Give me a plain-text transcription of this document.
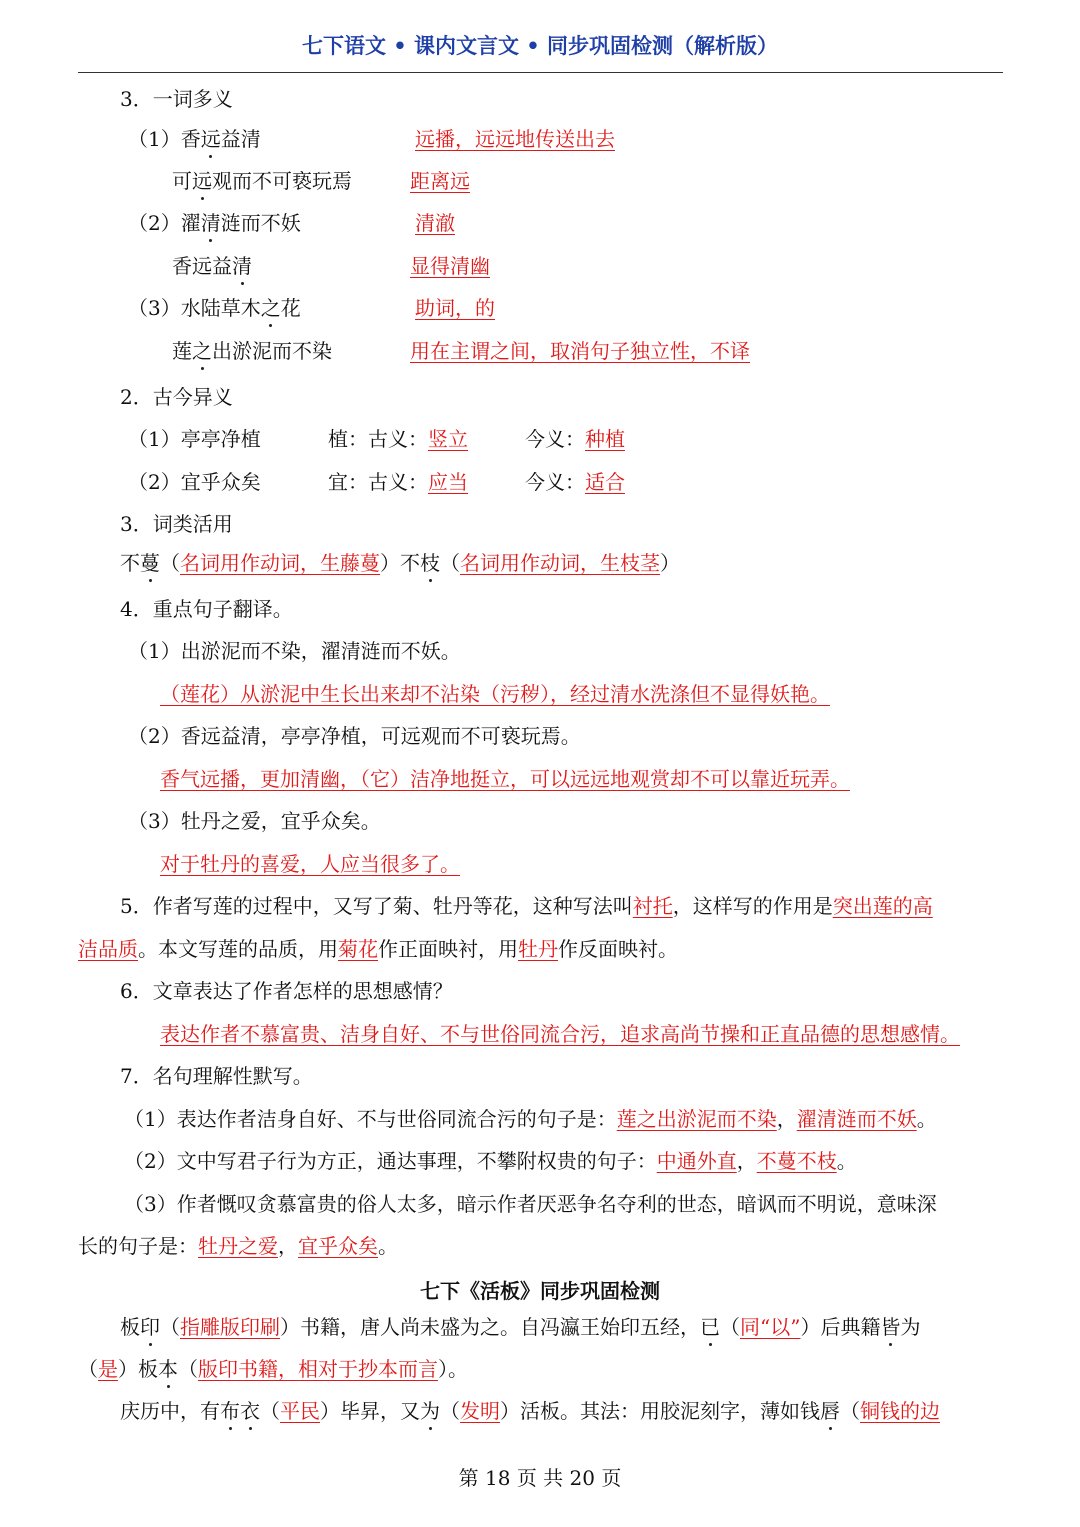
七下语文 • 课内文言文 • 同步巩固检测（解析版）
3．一词多义
（1）香远益清	远播，远远地传送出去
可远观而不可亵玩焉	距离远
（2）濯清涟而不妖	清澈
香远益清	显得清幽
（3）水陆草木之花	助词，的
莲之出淤泥而不染	用在主谓之间，取消句子独立性，不译
2．古今异义
（1）亭亭净植	植：古义：竖立	今义：种植
（2）宜乎众矣	宜：古义：应当	今义：适合
3．词类活用
不蔓（名词用作动词，生藤蔓）不枝（名词用作动词，生枝茎）
4．重点句子翻译。
（1）出淤泥而不染，濯清涟而不妖。
（莲花）从淤泥中生长出来却不沾染（污秽），经过清水洗涤但不显得妖艳。
（2）香远益清，亭亭净植，可远观而不可亵玩焉。
香气远播，更加清幽，（它）洁净地挺立，可以远远地观赏却不可以靠近玩弄。
（3）牡丹之爱，宜乎众矣。
对于牡丹的喜爱，人应当很多了。
5．作者写莲的过程中，又写了菊、牡丹等花，这种写法叫衬托，这样写的作用是突出莲的高
洁品质。本文写莲的品质，用菊花作正面映衬，用牡丹作反面映衬。
6．文章表达了作者怎样的思想感情？
表达作者不慕富贵、洁身自好、不与世俗同流合污，追求高尚节操和正直品德的思想感情。
7．名句理解性默写。
（1）表达作者洁身自好、不与世俗同流合污的句子是：莲之出淤泥而不染，濯清涟而不妖。
（2）文中写君子行为方正，通达事理，不攀附权贵的句子：中通外直，不蔓不枝。
（3）作者慨叹贪慕富贵的俗人太多，暗示作者厌恶争名夺利的世态，暗讽而不明说，意味深
长的句子是：牡丹之爱，宜乎众矣。
七下《活板》同步巩固检测
板印（指雕版印刷）书籍，唐人尚未盛为之。自冯瀛王始印五经，已（同“以”）后典籍皆为
（是）板本（版印书籍，相对于抄本而言）。
庆历中，有布衣（平民）毕昇，又为（发明）活板。其法：用胶泥刻字，薄如钱唇（铜钱的边
第 18 页 共 20 页
